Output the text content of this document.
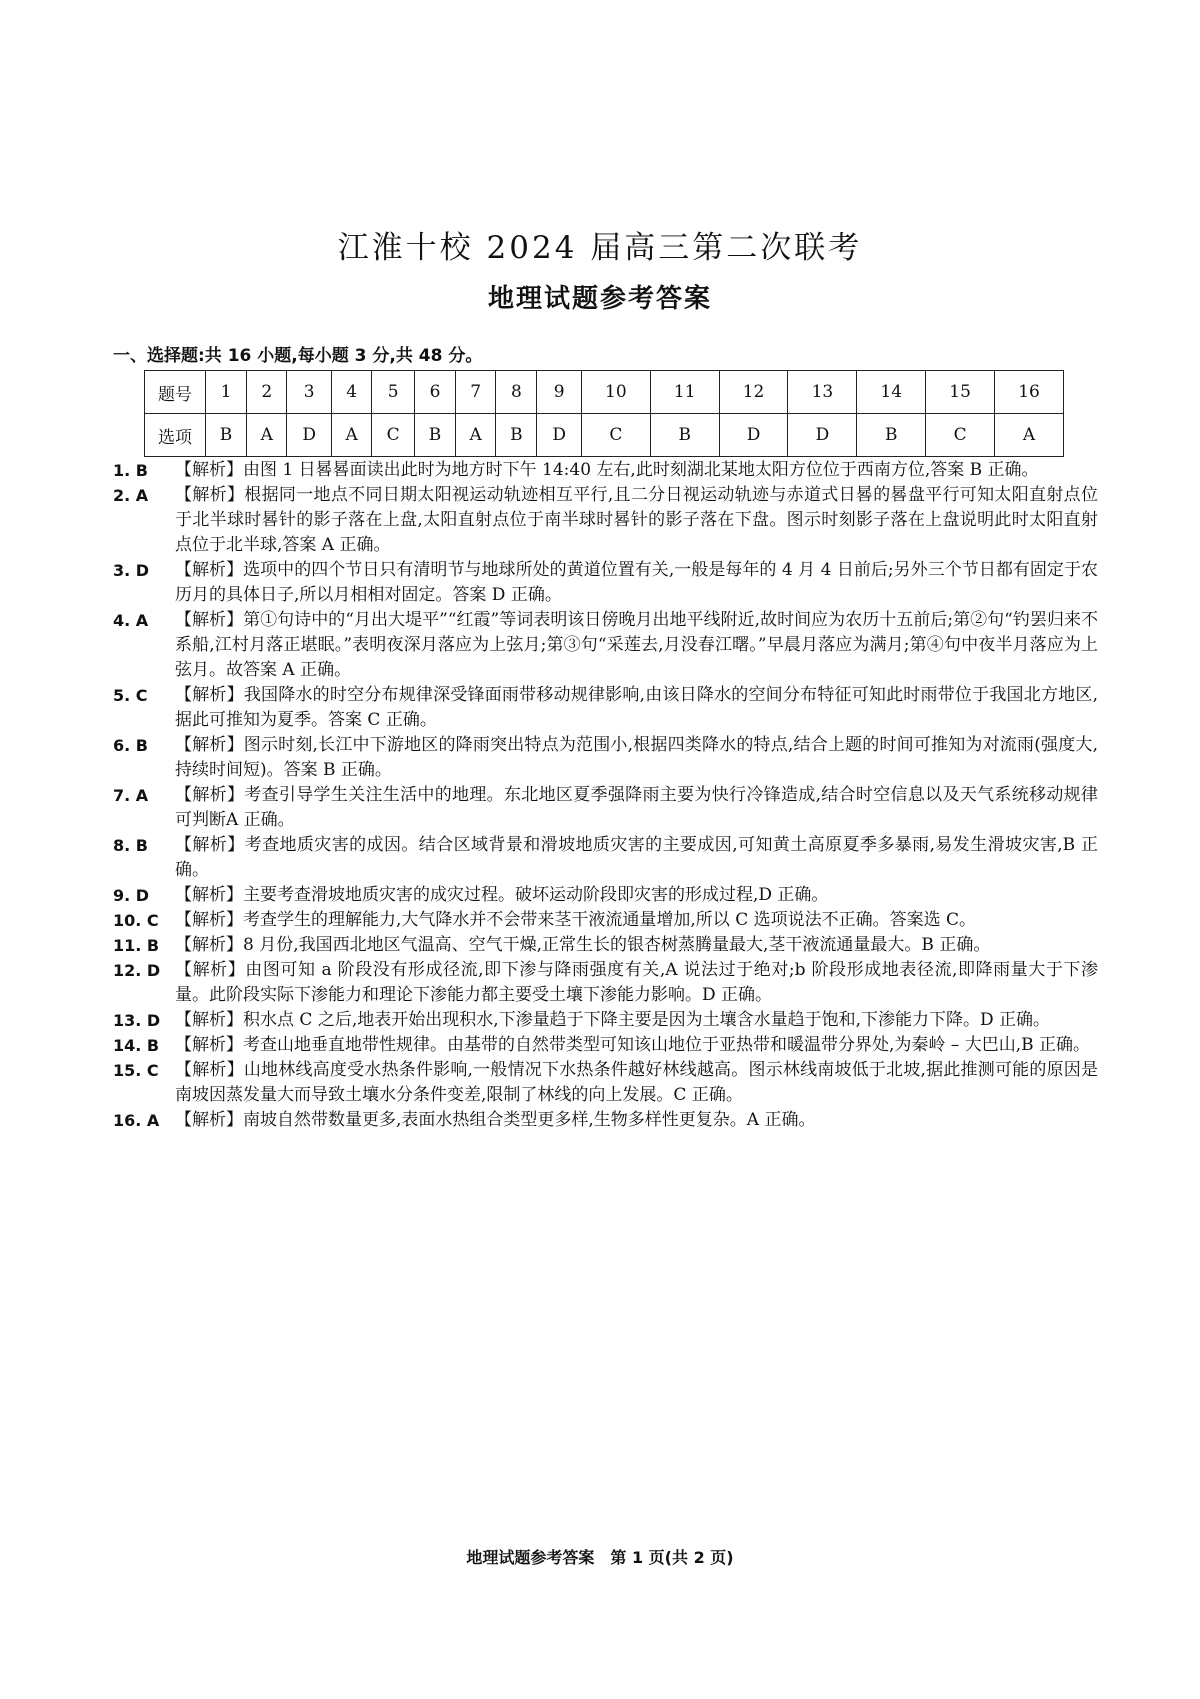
江淮十校 2024 届高三第二次联考
地理试题参考答案
一、选择题:共 16 小题,每小题 3 分,共 48 分。
题号	1	2	3	4	5	6	7	8	9	10	11	12	13	14	15	16
选项	B	A	D	A	C	B	A	B	D	C	B	D	D	B	C	A
1. B	【解析】由图 1 日晷晷面读出此时为地方时下午 14:40 左右,此时刻湖北某地太阳方位位于西南方位,答案 B 正确。
2. A	【解析】根据同一地点不同日期太阳视运动轨迹相互平行,且二分日视运动轨迹与赤道式日晷的晷盘平行可知太阳直射点位于北半球时晷针的影子落在上盘,太阳直射点位于南半球时晷针的影子落在下盘。图示时刻影子落在上盘说明此时太阳直射点位于北半球,答案 A 正确。
3. D	【解析】选项中的四个节日只有清明节与地球所处的黄道位置有关,一般是每年的 4 月 4 日前后;另外三个节日都有固定于农历月的具体日子,所以月相相对固定。答案 D 正确。
4. A	【解析】第①句诗中的“月出大堤平”“红霞”等词表明该日傍晚月出地平线附近,故时间应为农历十五前后;第②句“钓罢归来不系船,江村月落正堪眠。”表明夜深月落应为上弦月;第③句“采莲去,月没春江曙。”早晨月落应为满月;第④句中夜半月落应为上弦月。故答案 A 正确。
5. C	【解析】我国降水的时空分布规律深受锋面雨带移动规律影响,由该日降水的空间分布特征可知此时雨带位于我国北方地区,据此可推知为夏季。答案 C 正确。
6. B	【解析】图示时刻,长江中下游地区的降雨突出特点为范围小,根据四类降水的特点,结合上题的时间可推知为对流雨(强度大,持续时间短)。答案 B 正确。
7. A	【解析】考查引导学生关注生活中的地理。东北地区夏季强降雨主要为快行冷锋造成,结合时空信息以及天气系统移动规律可判断A 正确。
8. B	【解析】考查地质灾害的成因。结合区域背景和滑坡地质灾害的主要成因,可知黄土高原夏季多暴雨,易发生滑坡灾害,B 正确。
9. D	【解析】主要考查滑坡地质灾害的成灾过程。破坏运动阶段即灾害的形成过程,D 正确。
10. C 【解析】考查学生的理解能力,大气降水并不会带来茎干液流通量增加,所以 C 选项说法不正确。答案选 C。
11. B 【解析】8 月份,我国西北地区气温高、空气干燥,正常生长的银杏树蒸腾量最大,茎干液流通量最大。B 正确。
12. D 【解析】由图可知 a 阶段没有形成径流,即下渗与降雨强度有关,A 说法过于绝对;b 阶段形成地表径流,即降雨量大于下渗量。此阶段实际下渗能力和理论下渗能力都主要受土壤下渗能力影响。D 正确。
13. D 【解析】积水点 C 之后,地表开始出现积水,下渗量趋于下降主要是因为土壤含水量趋于饱和,下渗能力下降。D 正确。
14. B 【解析】考查山地垂直地带性规律。由基带的自然带类型可知该山地位于亚热带和暖温带分界处,为秦岭 – 大巴山,B 正确。
15. C 【解析】山地林线高度受水热条件影响,一般情况下水热条件越好林线越高。图示林线南坡低于北坡,据此推测可能的原因是南坡因蒸发量大而导致土壤水分条件变差,限制了林线的向上发展。C 正确。
16. A 【解析】南坡自然带数量更多,表面水热组合类型更多样,生物多样性更复杂。A 正确。
地理试题参考答案　第 1 页(共 2 页)
